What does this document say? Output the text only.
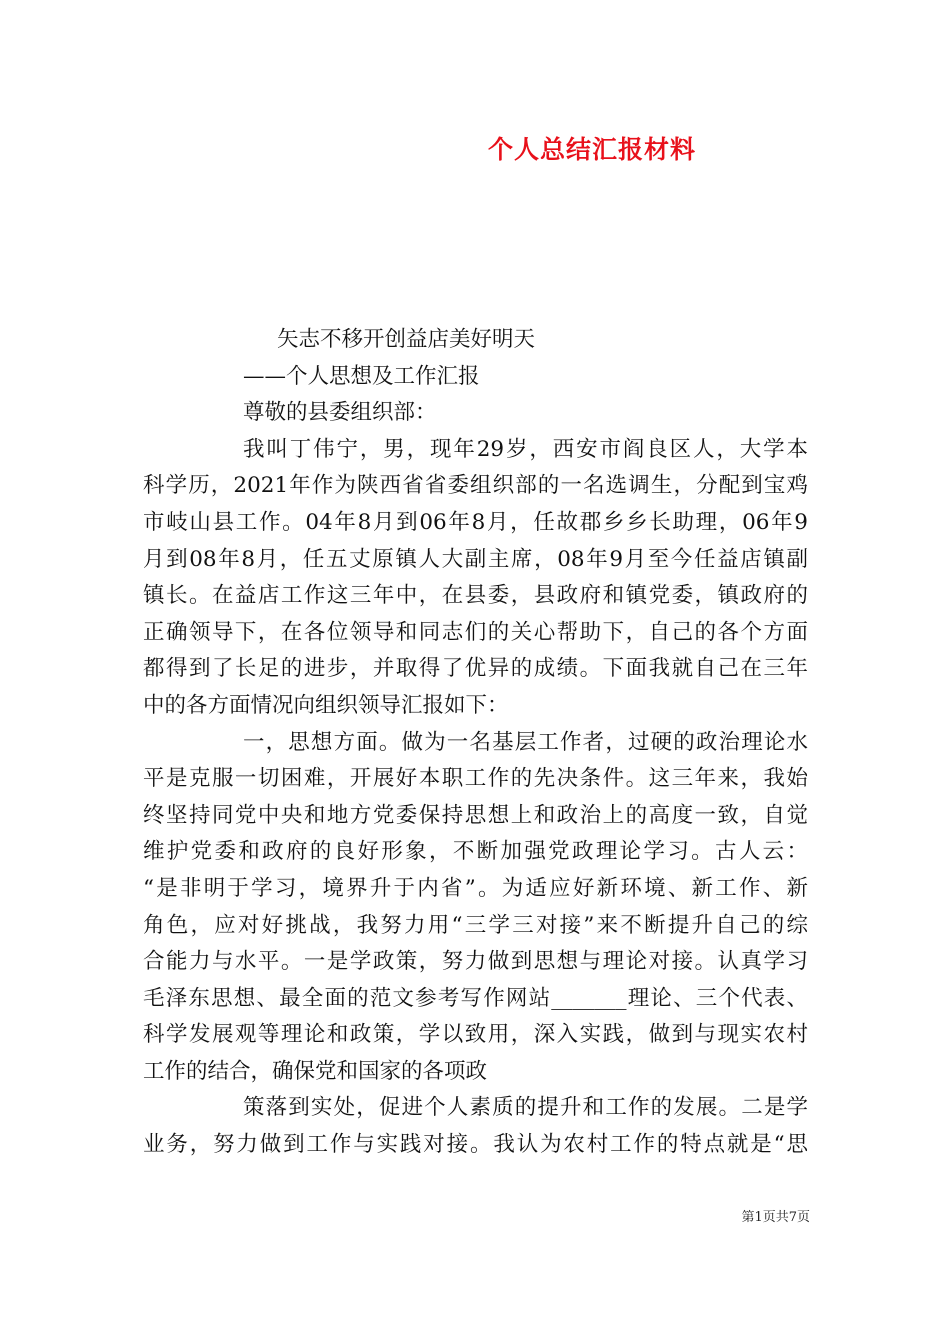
个人总结汇报材料
矢志不移开创益店美好明天
——个人思想及工作汇报
尊敬的县委组织部：
我叫丁伟宁，男，现年29岁，西安市阎良区人，大学本
科学历，2021年作为陕西省省委组织部的一名选调生，分配到宝鸡
市岐山县工作。04年8月到06年8月，任故郡乡乡长助理，06年9
月到08年8月，任五丈原镇人大副主席，08年9月至今任益店镇副
镇长。在益店工作这三年中，在县委，县政府和镇党委，镇政府的
正确领导下，在各位领导和同志们的关心帮助下，自己的各个方面
都得到了长足的进步，并取得了优异的成绩。下面我就自己在三年
中的各方面情况向组织领导汇报如下：
一，思想方面。做为一名基层工作者，过硬的政治理论水
平是克服一切困难，开展好本职工作的先决条件。这三年来，我始
终坚持同党中央和地方党委保持思想上和政治上的高度一致，自觉
维护党委和政府的良好形象，不断加强党政理论学习。古人云：
“是非明于学习，境界升于内省”。为适应好新环境、新工作、新
角色，应对好挑战，我努力用“三学三对接”来不断提升自己的综
合能力与水平。一是学政策，努力做到思想与理论对接。认真学习
毛泽东思想、最全面的范文参考写作网站_______理论、三个代表、
科学发展观等理论和政策，学以致用，深入实践，做到与现实农村
工作的结合，确保党和国家的各项政
策落到实处，促进个人素质的提升和工作的发展。二是学
业务，努力做到工作与实践对接。我认为农村工作的特点就是“思

第1页共7页
